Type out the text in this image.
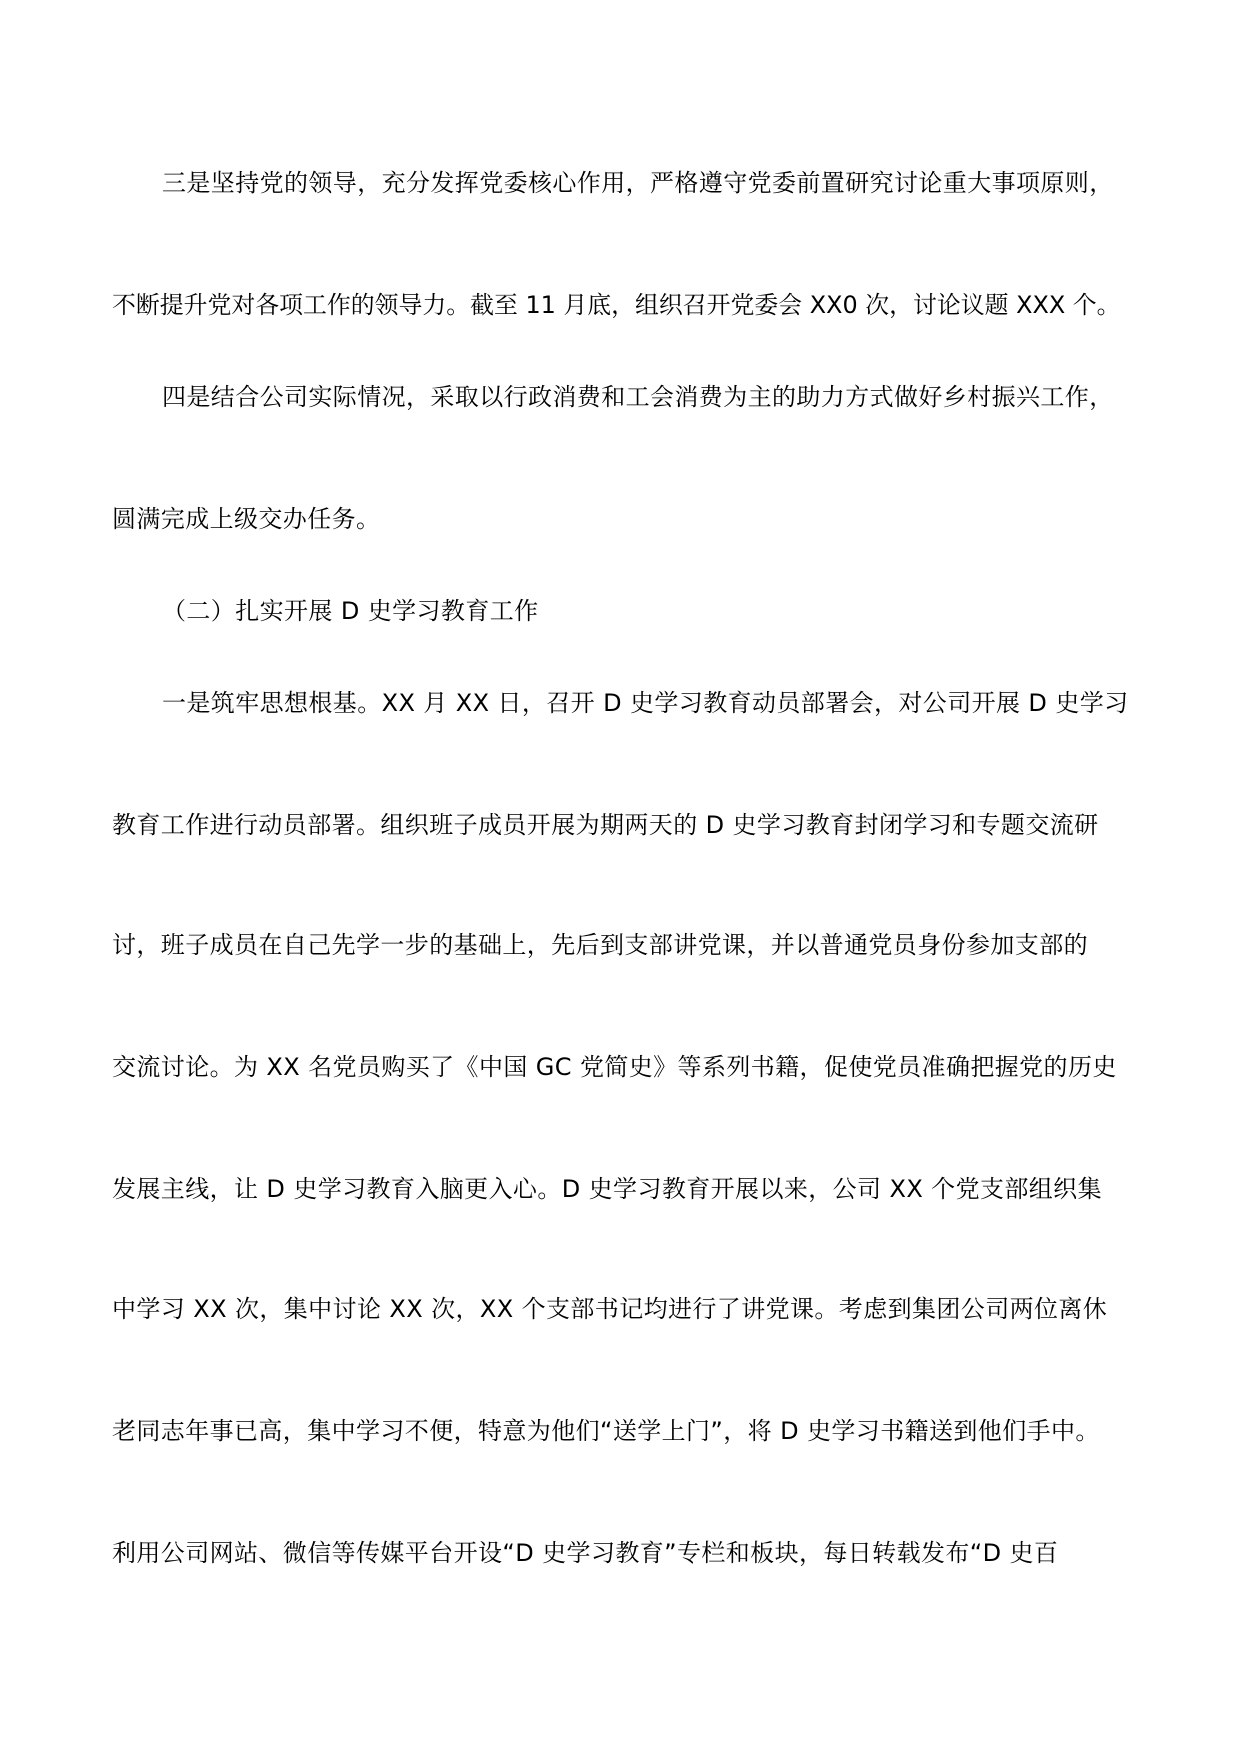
三是坚持党的领导，充分发挥党委核心作用，严格遵守党委前置研究讨论重大事项原则，
不断提升党对各项工作的领导力。截至 11 月底，组织召开党委会 XX0 次，讨论议题 XXX 个。
四是结合公司实际情况，采取以行政消费和工会消费为主的助力方式做好乡村振兴工作，
圆满完成上级交办任务。
（二）扎实开展 D 史学习教育工作
一是筑牢思想根基。XX 月 XX 日，召开 D 史学习教育动员部署会，对公司开展 D 史学习
教育工作进行动员部署。组织班子成员开展为期两天的 D 史学习教育封闭学习和专题交流研
讨，班子成员在自己先学一步的基础上，先后到支部讲党课，并以普通党员身份参加支部的
交流讨论。为 XX 名党员购买了《中国 GC 党简史》等系列书籍，促使党员准确把握党的历史
发展主线，让 D 史学习教育入脑更入心。D 史学习教育开展以来，公司 XX 个党支部组织集
中学习 XX 次，集中讨论 XX 次，XX 个支部书记均进行了讲党课。考虑到集团公司两位离休
老同志年事已高，集中学习不便，特意为他们“送学上门”，将 D 史学习书籍送到他们手中。
利用公司网站、微信等传媒平台开设“D 史学习教育”专栏和板块，每日转载发布“D 史百
